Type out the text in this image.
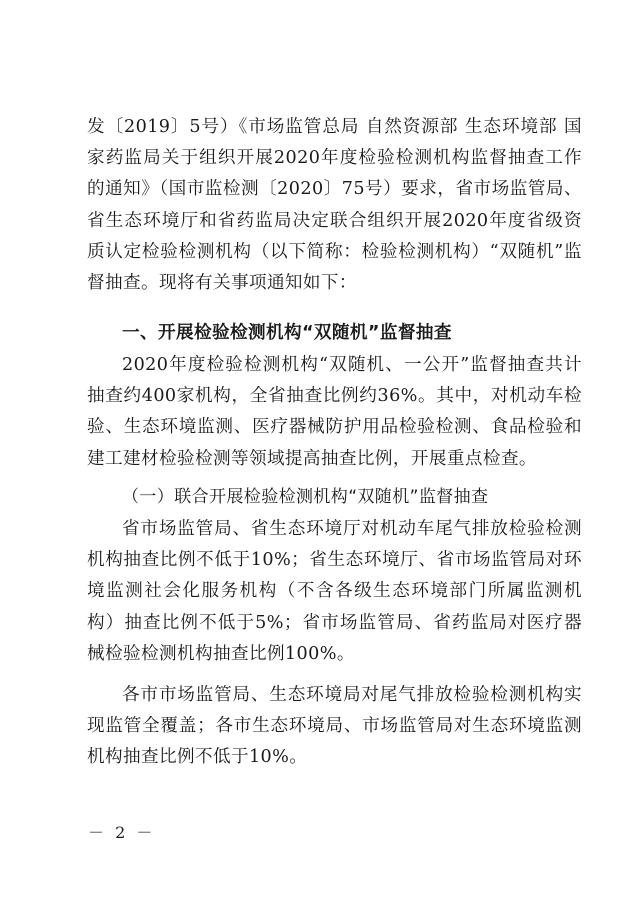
发〔2019〕5号）《市场监管总局 自然资源部 生态环境部 国家药监局关于组织开展2020年度检验检测机构监督抽查工作的通知》（国市监检测〔2020〕75号）要求，省市场监管局、省生态环境厅和省药监局决定联合组织开展2020年度省级资质认定检验检测机构（以下简称：检验检测机构）“双随机”监督抽查。现将有关事项通知如下：

一、开展检验检测机构“双随机”监督抽查

2020年度检验检测机构“双随机、一公开”监督抽查共计抽查约400家机构，全省抽查比例约36%。其中，对机动车检验、生态环境监测、医疗器械防护用品检验检测、食品检验和建工建材检验检测等领域提高抽查比例，开展重点检查。

（一）联合开展检验检测机构“双随机”监督抽查

省市场监管局、省生态环境厅对机动车尾气排放检验检测机构抽查比例不低于10%；省生态环境厅、省市场监管局对环境监测社会化服务机构（不含各级生态环境部门所属监测机构）抽查比例不低于5%；省市场监管局、省药监局对医疗器械检验检测机构抽查比例100%。

各市市场监管局、生态环境局对尾气排放检验检测机构实现监管全覆盖；各市生态环境局、市场监管局对生态环境监测机构抽查比例不低于10%。

－ 2 －
